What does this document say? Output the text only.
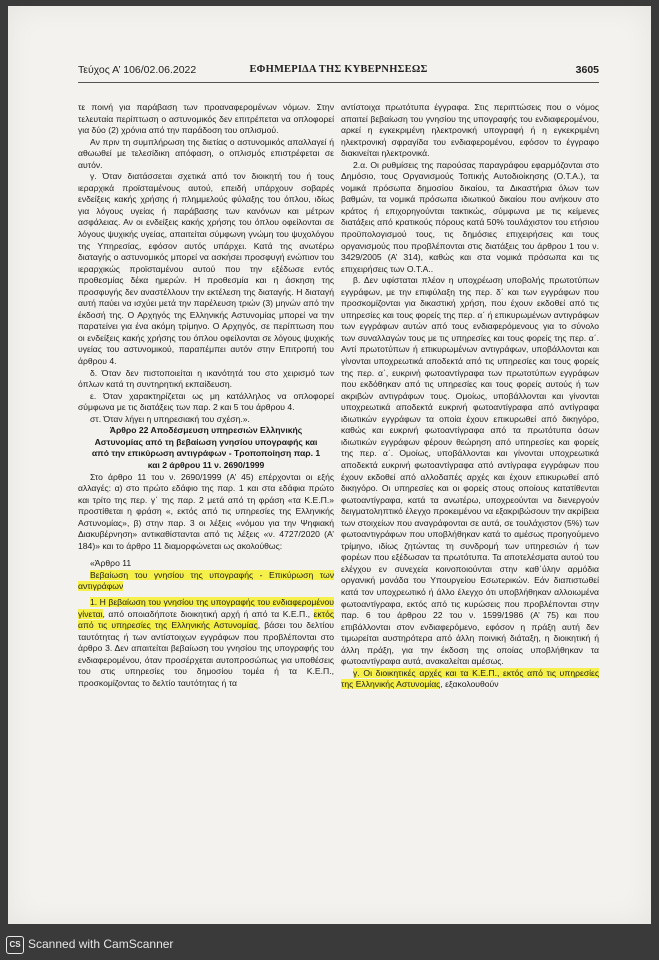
Τεύχος Α’ 106/02.06.2022	ΕΦΗΜΕΡΙΔΑ ΤΗΣ ΚΥΒΕΡΝΗΣΕΩΣ	3605

τε ποινή για παράβαση των προαναφερομένων νόμων. Στην τελευταία περίπτωση ο αστυνομικός δεν επιτρέπεται να οπλοφορεί για δύο (2) χρόνια από την παράδοση του οπλισμού.

Αν πριν τη συμπλήρωση της διετίας ο αστυνομικός απαλλαγεί ή αθωωθεί με τελεσίδικη απόφαση, ο οπλισμός επιστρέφεται σε αυτόν.

γ. Όταν διατάσσεται σχετικά από τον διοικητή του ή τους ιεραρχικά προϊσταμένους αυτού, επειδή υπάρχουν σοβαρές ενδείξεις κακής χρήσης ή πλημμελούς φύλαξης του όπλου, ιδίως για λόγους υγείας ή παράβασης των κανόνων και μέτρων ασφάλειας. Αν οι ενδείξεις κακής χρήσης του όπλου οφείλονται σε λόγους ψυχικής υγείας, απαιτείται σύμφωνη γνώμη του ψυχολόγου της Υπηρεσίας, εφόσον αυτός υπάρχει. Κατά της ανωτέρω διαταγής ο αστυνομικός μπορεί να ασκήσει προσφυγή ενώπιον του ιεραρχικώς προϊσταμένου αυτού που την εξέδωσε εντός προθεσμίας δέκα ημερών. Η προθεσμία και η άσκηση της προσφυγής δεν αναστέλλουν την εκτέλεση της διαταγής. Η διαταγή αυτή παύει να ισχύει μετά την παρέλευση τριών (3) μηνών από την έκδοσή της. Ο Αρχηγός της Ελληνικής Αστυνομίας μπορεί να την παρατείνει για ένα ακόμη τρίμηνο. Ο Αρχηγός, σε περίπτωση που οι ενδείξεις κακής χρήσης του όπλου οφείλονται σε λόγους ψυχικής υγείας του αστυνομικού, παραπέμπει αυτόν στην Επιτροπή του άρθρου 4.

δ. Όταν δεν πιστοποιείται η ικανότητά του στο χειρισμό των όπλων κατά τη συντηρητική εκπαίδευση.

ε. Όταν χαρακτηρίζεται ως μη κατάλληλος να οπλοφορεί σύμφωνα με τις διατάξεις των παρ. 2 και 5 του άρθρου 4.

στ. Όταν λήγει η υπηρεσιακή του σχέση.».

Άρθρο 22 Αποδέσμευση υπηρεσιών Ελληνικής Αστυνομίας από τη βεβαίωση γνησίου υπογραφής και από την επικύρωση αντιγράφων - Τροποποίηση παρ. 1 και 2 άρθρου 11 ν. 2690/1999

Στο άρθρο 11 του ν. 2690/1999 (Α’ 45) επέρχονται οι εξής αλλαγές: α) στο πρώτο εδάφιο της παρ. 1 και στα εδάφια πρώτο και τρίτο της περ. γ΄ της παρ. 2 μετά από τη φράση «τα Κ.Ε.Π.» προστίθεται η φράση «, εκτός από τις υπηρεσίες της Ελληνικής Αστυνομίας», β) στην παρ. 3 οι λέξεις «νόμου για την Ψηφιακή Διακυβέρνηση» αντικαθίστανται από τις λέξεις «ν. 4727/2020 (Α’ 184)» και το άρθρο 11 διαμορφώνεται ως ακολούθως:

«Άρθρο 11
Βεβαίωση του γνησίου της υπογραφής - Επικύρωση των αντιγράφων

1. Η βεβαίωση του γνησίου της υπογραφής του ενδιαφερομένου γίνεται, από οποιαδήποτε διοικητική αρχή ή από τα Κ.Ε.Π., εκτός από τις υπηρεσίες της Ελληνικής Αστυνομίας, βάσει του δελτίου ταυτότητας ή των αντίστοιχων εγγράφων που προβλέπονται στο άρθρο 3. Δεν απαιτείται βεβαίωση του γνησίου της υπογραφής του ενδιαφερομένου, όταν προσέρχεται αυτοπροσώπως για υποθέσεις του στις υπηρεσίες του δημοσίου τομέα ή τα Κ.Ε.Π., προσκομίζοντας το δελτίο ταυτότητας ή τα

αντίστοιχα πρωτότυπα έγγραφα. Στις περιπτώσεις που ο νόμος απαιτεί βεβαίωση του γνησίου της υπογραφής του ενδιαφερομένου, αρκεί η εγκεκριμένη ηλεκτρονική υπογραφή ή η εγκεκριμένη ηλεκτρονική σφραγίδα του ενδιαφερομένου, εφόσον το έγγραφο διακινείται ηλεκτρονικά.

2.α. Οι ρυθμίσεις της παρούσας παραγράφου εφαρμόζονται στο Δημόσιο, τους Οργανισμούς Τοπικής Αυτοδιοίκησης (Ο.Τ.Α.), τα νομικά πρόσωπα δημοσίου δικαίου, τα Δικαστήρια όλων των βαθμών, τα νομικά πρόσωπα ιδιωτικού δικαίου που ανήκουν στο κράτος ή επιχορηγούνται τακτικώς, σύμφωνα με τις κείμενες διατάξεις από κρατικούς πόρους κατά 50% τουλάχιστον του ετήσιου προϋπολογισμού τους, τις δημόσιες επιχειρήσεις και τους οργανισμούς που προβλέπονται στις διατάξεις του άρθρου 1 του ν. 3429/2005 (Α’ 314), καθώς και στα νομικά πρόσωπα και τις επιχειρήσεις των Ο.Τ.Α..

β. Δεν υφίσταται πλέον η υποχρέωση υποβολής πρωτοτύπων εγγράφων, με την επιφύλαξη της περ. δ΄ και των εγγράφων που προσκομίζονται για δικαστική χρήση, που έχουν εκδοθεί από τις υπηρεσίες και τους φορείς της περ. α΄ ή επικυρωμένων αντιγράφων των εγγράφων αυτών από τους ενδιαφερόμενους για το σύνολο των συναλλαγών τους με τις υπηρεσίες και τους φορείς της περ. α΄. Αντί πρωτοτύπων ή επικυρωμένων αντιγράφων, υποβάλλονται και γίνονται υποχρεωτικά αποδεκτά από τις υπηρεσίες και τους φορείς της περ. α΄, ευκρινή φωτοαντίγραφα των πρωτοτύπων εγγράφων που εκδόθηκαν από τις υπηρεσίες και τους φορείς αυτούς ή των ακριβών αντιγράφων τους. Ομοίως, υποβάλλονται και γίνονται υποχρεωτικά αποδεκτά ευκρινή φωτοαντίγραφα από αντίγραφα ιδιωτικών εγγράφων τα οποία έχουν επικυρωθεί από δικηγόρο, καθώς και ευκρινή φωτοαντίγραφα από τα πρωτότυπα όσων ιδιωτικών εγγράφων φέρουν θεώρηση από υπηρεσίες και φορείς της περ. α΄. Ομοίως, υποβάλλονται και γίνονται υποχρεωτικά αποδεκτά ευκρινή φωτοαντίγραφα από αντίγραφα εγγράφων που έχουν εκδοθεί από αλλοδαπές αρχές και έχουν επικυρωθεί από δικηγόρο. Οι υπηρεσίες και οι φορείς στους οποίους κατατίθενται φωτοαντίγραφα, κατά τα ανωτέρω, υποχρεούνται να διενεργούν δειγματοληπτικό έλεγχο προκειμένου να εξακριβώσουν την ακρίβεια των στοιχείων που αναγράφονται σε αυτά, σε τουλάχιστον (5%) των φωτοαντιγράφων που υποβλήθηκαν κατά το αμέσως προηγούμενο τρίμηνο, ιδίως ζητώντας τη συνδρομή των υπηρεσιών ή των φορέων που εξέδωσαν τα πρωτότυπα. Τα αποτελέσματα αυτού του ελέγχου εν συνεχεία κοινοποιούνται στην καθ΄ύλην αρμόδια οργανική μονάδα του Υπουργείου Εσωτερικών. Εάν διαπιστωθεί κατά τον υποχρεωτικό ή άλλο έλεγχο ότι υποβλήθηκαν αλλοιωμένα φωτοαντίγραφα, εκτός από τις κυρώσεις που προβλέπονται στην παρ. 6 του άρθρου 22 του ν. 1599/1986 (Α’ 75) και που επιβάλλονται στον ενδιαφερόμενο, εφόσον η πράξη αυτή δεν τιμωρείται αυστηρότερα από άλλη ποινική διάταξη, η διοικητική ή άλλη πράξη, για την έκδοση της οποίας υποβλήθηκαν τα φωτοαντίγραφα αυτά, ανακαλείται αμέσως.

γ. Οι διοικητικές αρχές και τα Κ.Ε.Π., εκτός από τις υπηρεσίες της Ελληνικής Αστυνομίας, εξακολουθούν

CS Scanned with CamScanner
